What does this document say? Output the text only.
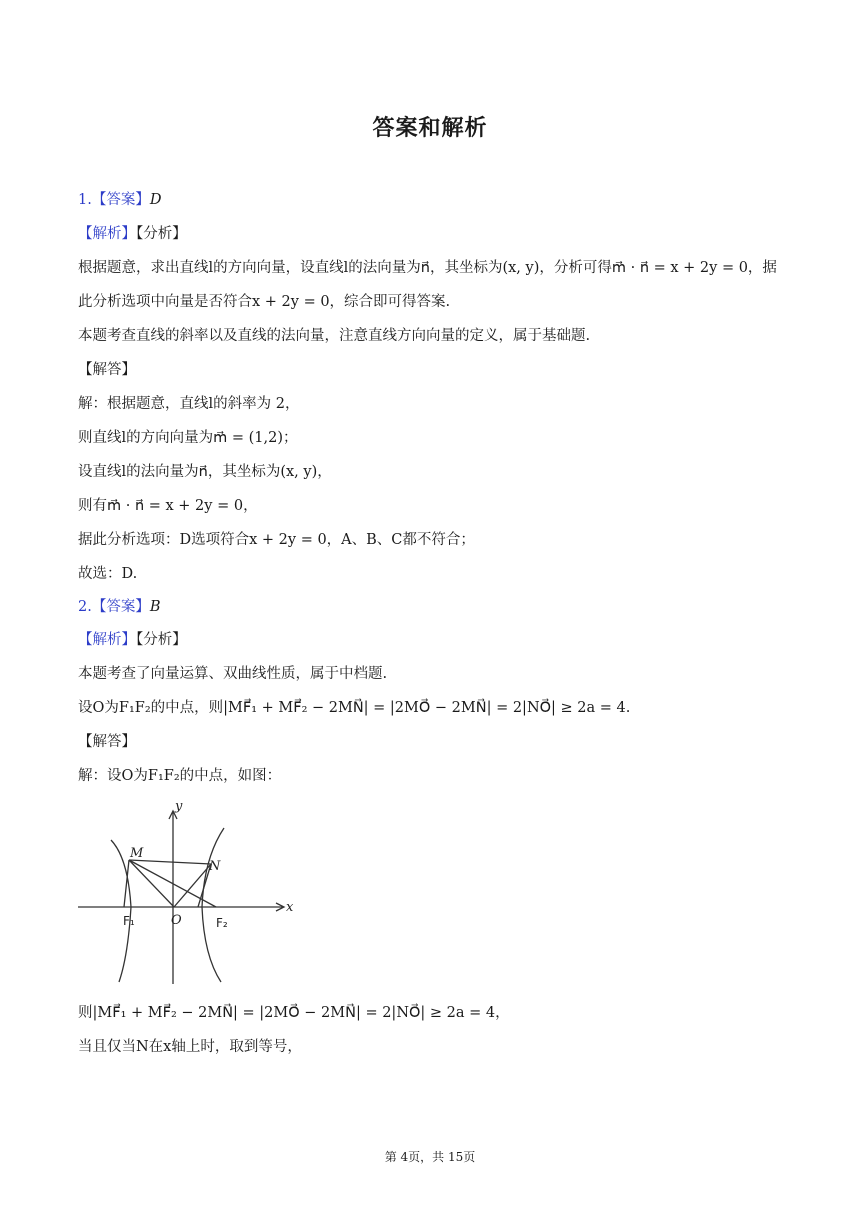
答案和解析
1.【答案】D
【解析】【分析】
根据题意，求出直线l的方向向量，设直线l的法向量为n⃗，其坐标为(x, y)，分析可得m⃗ · n⃗ = x + 2y = 0，据
此分析选项中向量是否符合x + 2y = 0，综合即可得答案.
本题考查直线的斜率以及直线的法向量，注意直线方向向量的定义，属于基础题.
【解答】
解：根据题意，直线l的斜率为 2，
则直线l的方向向量为m⃗ = (1,2)；
设直线l的法向量为n⃗，其坐标为(x, y)，
则有m⃗ · n⃗ = x + 2y = 0，
据此分析选项：D选项符合x + 2y = 0，A、B、C都不符合；
故选：D.
2.【答案】B
【解析】【分析】
本题考查了向量运算、双曲线性质，属于中档题.
设O为F₁F₂的中点，则|MF⃗₁ + MF⃗₂ − 2MN⃗| = |2MO⃗ − 2MN⃗| = 2|NO⃗| ≥ 2a = 4.
【解答】
解：设O为F₁F₂的中点，如图：
y
x
M
N
O
F₁	F₂
则|MF⃗₁ + MF⃗₂ − 2MN⃗| = |2MO⃗ − 2MN⃗| = 2|NO⃗| ≥ 2a = 4，
当且仅当N在x轴上时，取到等号，
第 4页，共 15页
